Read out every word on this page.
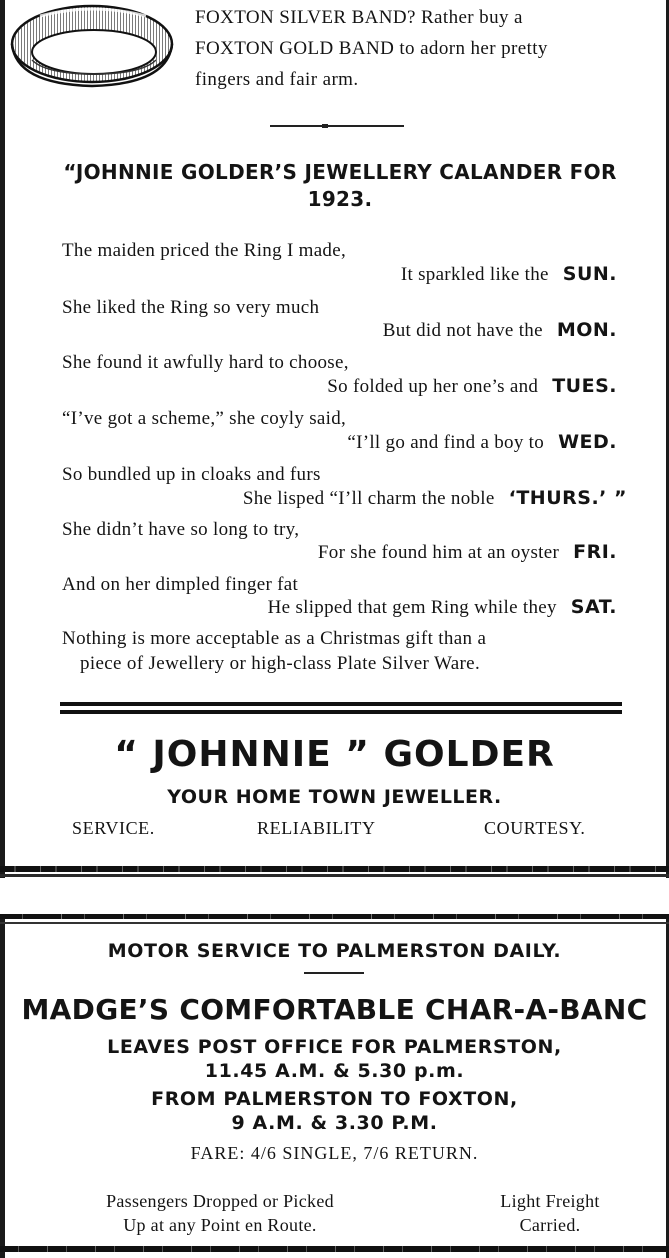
FOXTON SILVER BAND? Rather buy a
FOXTON GOLD BAND to adorn her pretty
fingers and fair arm.
“JOHNNIE GOLDER’S JEWELLERY CALANDER FOR
1923.
The maiden priced the Ring I made,
It sparkled like the SUN.
She liked the Ring so very much
But did not have the MON.
She found it awfully hard to choose,
So folded up her one’s and TUES.
“I’ve got a scheme,” she coyly said,
“I’ll go and find a boy to WED.
So bundled up in cloaks and furs
She lisped “I’ll charm the noble ‘THURS.’ ”
She didn’t have so long to try,
For she found him at an oyster FRI.
And on her dimpled finger fat
He slipped that gem Ring while they SAT.
Nothing is more acceptable as a Christmas gift than a
piece of Jewellery or high-class Plate Silver Ware.
“ JOHNNIE ” GOLDER
YOUR HOME TOWN JEWELLER.
SERVICE.	RELIABILITY	COURTESY.
MOTOR SERVICE TO PALMERSTON DAILY.
MADGE’S COMFORTABLE CHAR-A-BANC
LEAVES POST OFFICE FOR PALMERSTON,
11.45 A.M. & 5.30 p.m.
FROM PALMERSTON TO FOXTON,
9 A.M. & 3.30 P.M.
FARE: 4/6 SINGLE, 7/6 RETURN.
Passengers Dropped or Picked
Up at any Point en Route.
Light Freight
Carried.
